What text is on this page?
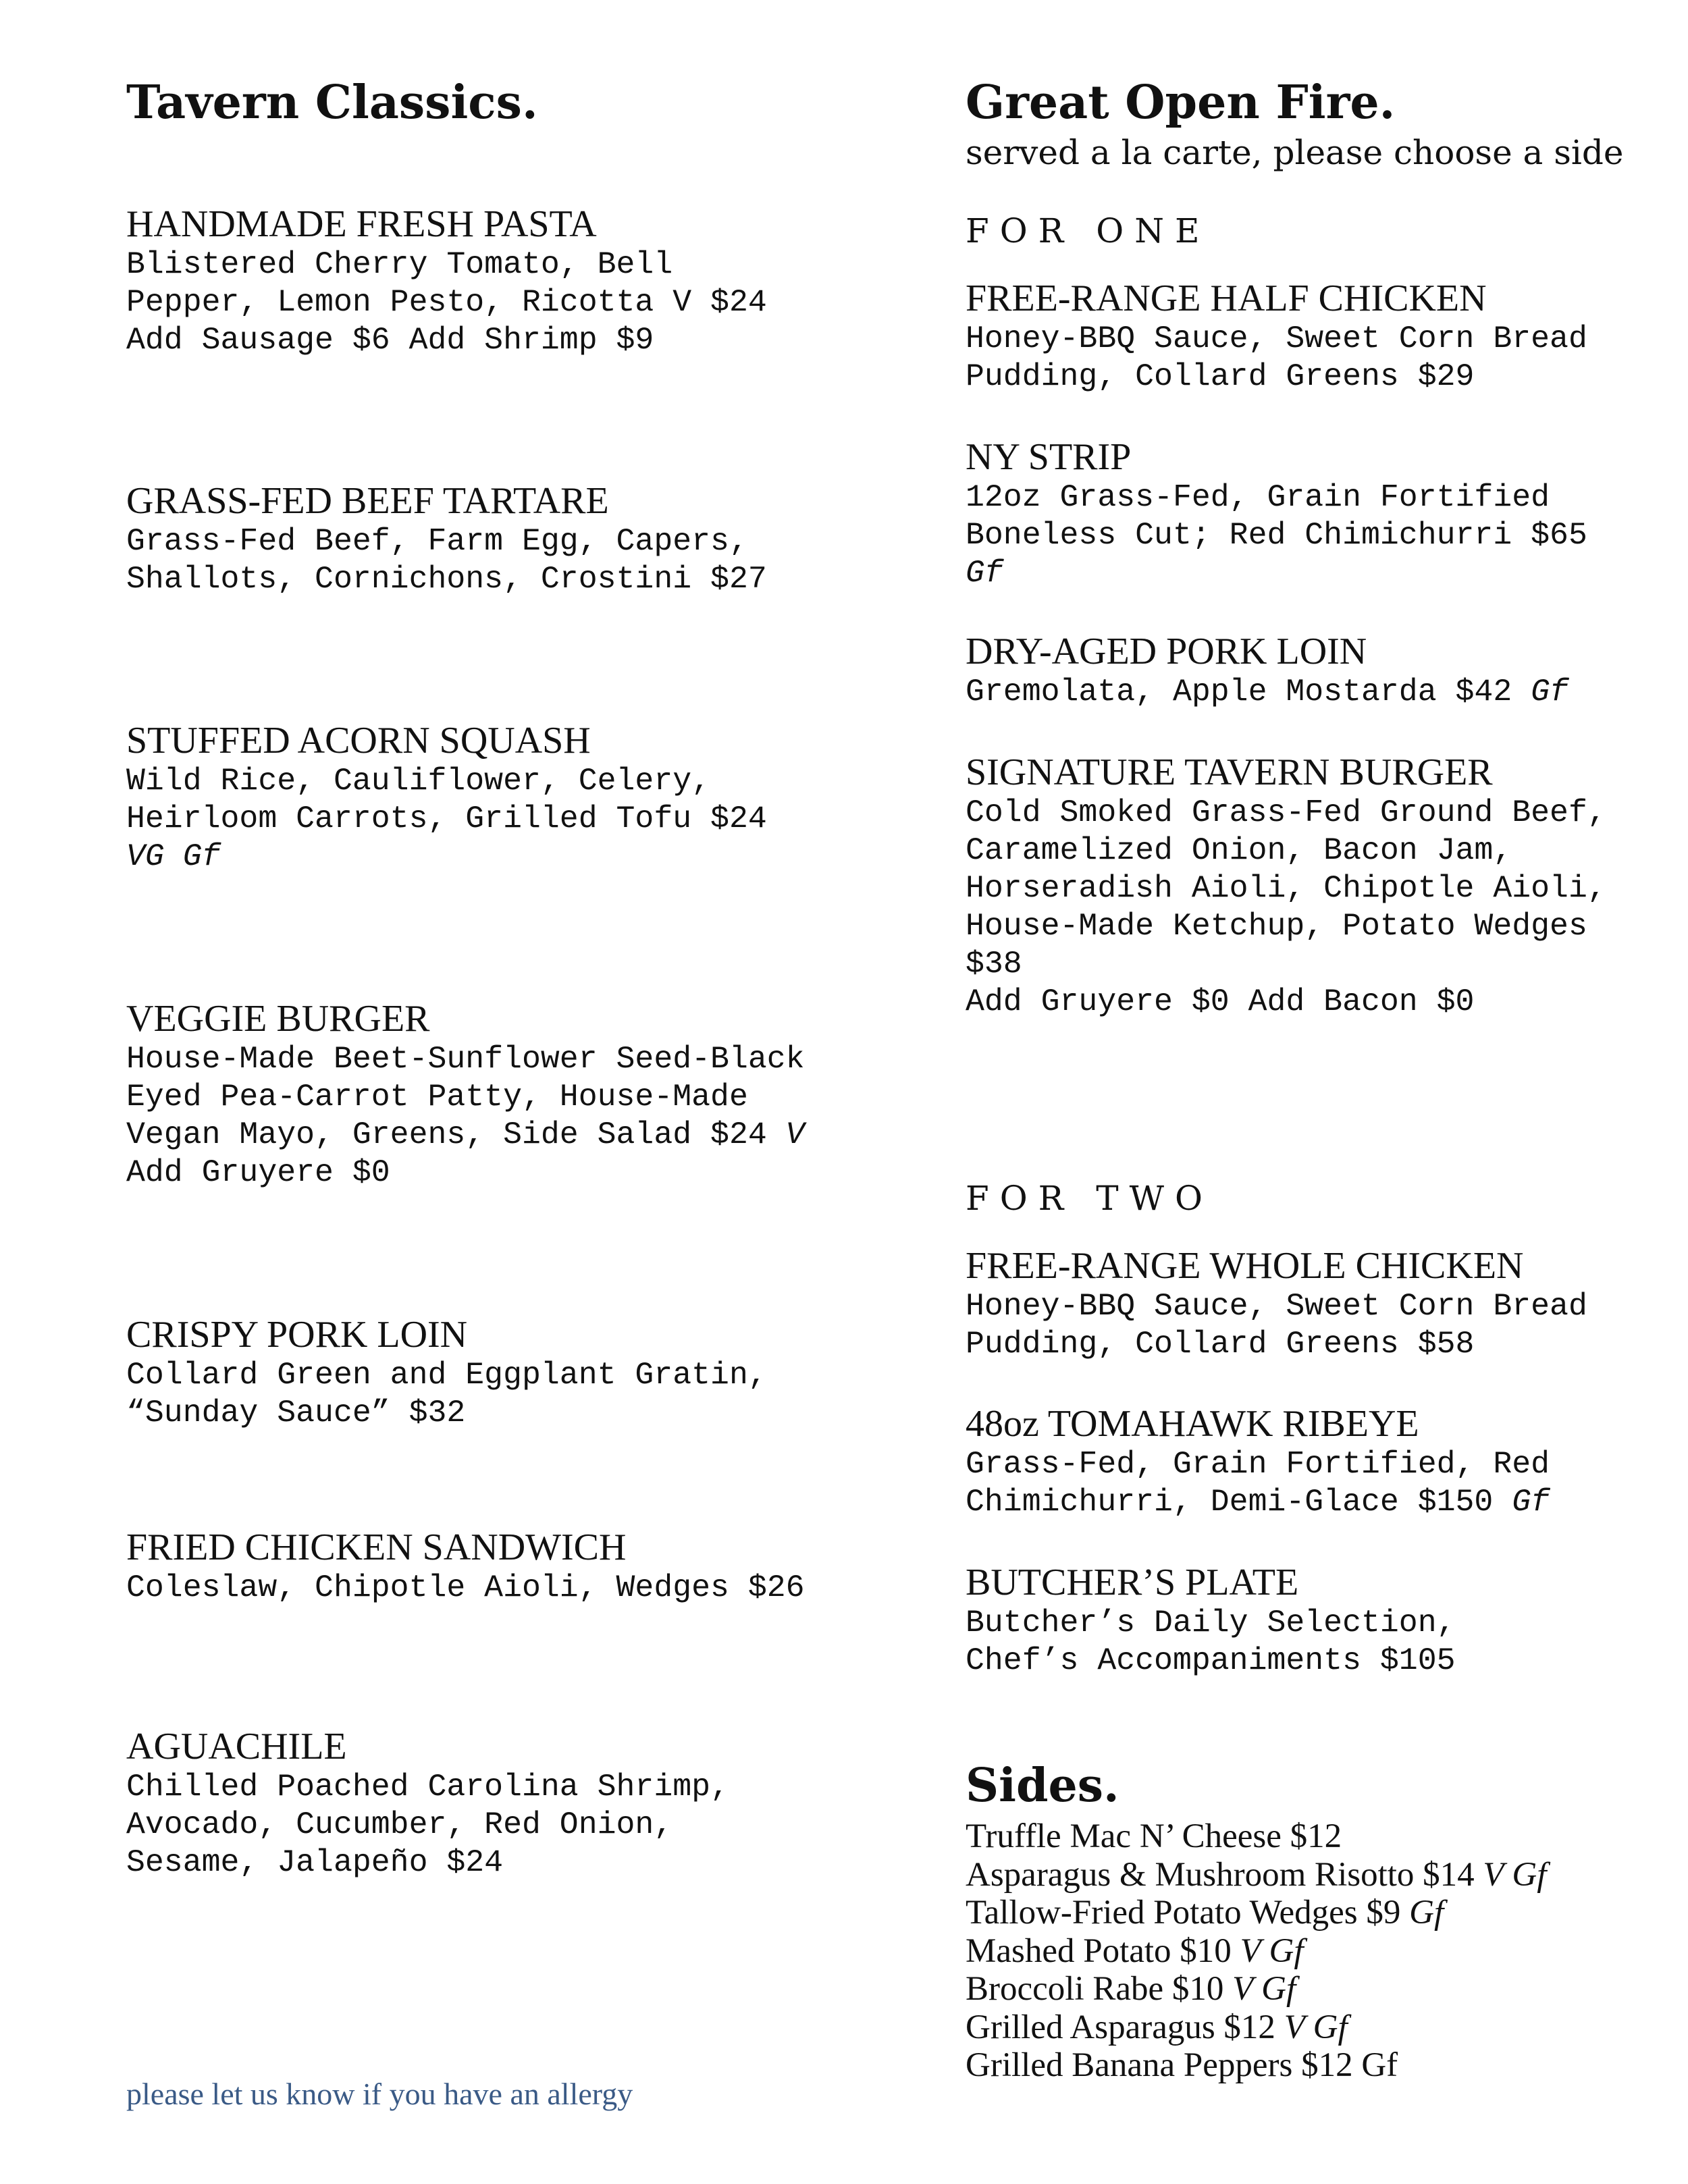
Tavern Classics.
HANDMADE FRESH PASTA
Blistered Cherry Tomato, Bell
Pepper, Lemon Pesto, Ricotta V $24
Add Sausage $6 Add Shrimp $9
GRASS-FED BEEF TARTARE
Grass-Fed Beef, Farm Egg, Capers,
Shallots, Cornichons, Crostini $27
STUFFED ACORN SQUASH
Wild Rice, Cauliflower, Celery,
Heirloom Carrots, Grilled Tofu $24
VG Gf
VEGGIE BURGER
House-Made Beet-Sunflower Seed-Black
Eyed Pea-Carrot Patty, House-Made
Vegan Mayo, Greens, Side Salad $24 V
Add Gruyere $0
CRISPY PORK LOIN
Collard Green and Eggplant Gratin,
“Sunday Sauce” $32
FRIED CHICKEN SANDWICH
Coleslaw, Chipotle Aioli, Wedges $26
AGUACHILE
Chilled Poached Carolina Shrimp,
Avocado, Cucumber, Red Onion,
Sesame, Jalapeño $24
Great Open Fire.
served a la carte, please choose a side
FOR ONE
FREE-RANGE HALF CHICKEN
Honey-BBQ Sauce, Sweet Corn Bread
Pudding, Collard Greens $29
NY STRIP
12oz Grass-Fed, Grain Fortified
Boneless Cut; Red Chimichurri $65
Gf
DRY-AGED PORK LOIN
Gremolata, Apple Mostarda $42 Gf
SIGNATURE TAVERN BURGER
Cold Smoked Grass-Fed Ground Beef,
Caramelized Onion, Bacon Jam,
Horseradish Aioli, Chipotle Aioli,
House-Made Ketchup, Potato Wedges
$38
Add Gruyere $0 Add Bacon $0
FOR TWO
FREE-RANGE WHOLE CHICKEN
Honey-BBQ Sauce, Sweet Corn Bread
Pudding, Collard Greens $58
48oz TOMAHAWK RIBEYE
Grass-Fed, Grain Fortified, Red
Chimichurri, Demi-Glace $150 Gf
BUTCHER’S PLATE
Butcher’s Daily Selection,
Chef’s Accompaniments $105
Sides.
Truffle Mac N’ Cheese $12
Asparagus & Mushroom Risotto $14 V Gf
Tallow-Fried Potato Wedges $9 Gf
Mashed Potato $10 V Gf
Broccoli Rabe $10 V Gf
Grilled Asparagus $12 V Gf
Grilled Banana Peppers $12 Gf
please let us know if you have an allergy
